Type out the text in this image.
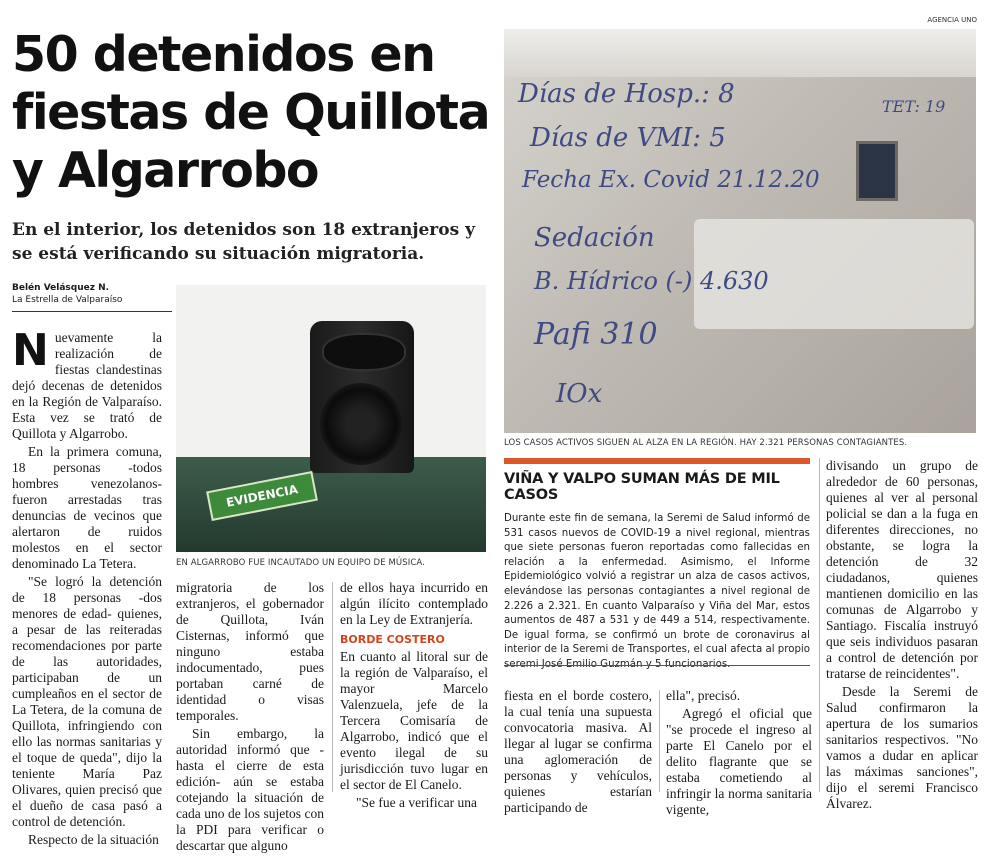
AGENCIA UNO
50 detenidos en fiestas de Quillota y Algarrobo

En el interior, los detenidos son 18 extranjeros y se está verificando su situación migratoria.

Belén Velásquez N.
La Estrella de Valparaíso

Nuevamente la realización de fiestas clandestinas dejó decenas de detenidos en la Región de Valparaíso. Esta vez se trató de Quillota y Algarrobo.

En la primera comuna, 18 personas -todos hombres venezolanos- fueron arrestadas tras denuncias de vecinos que alertaron de ruidos molestos en el sector denominado La Tetera.

"Se logró la detención de 18 personas -dos menores de edad- quienes, a pesar de las reiteradas recomendaciones por parte de las autoridades, participaban de un cumpleaños en el sector de La Tetera, de la comuna de Quillota, infringiendo con ello las normas sanitarias y el toque de queda", dijo la teniente María Paz Olivares, quien precisó que el dueño de casa pasó a control de detención.

Respecto de la situación

EVIDENCIA
EN ALGARROBO FUE INCAUTADO UN EQUIPO DE MÚSICA.

migratoria de los extranjeros, el gobernador de Quillota, Iván Cisternas, informó que ninguno estaba indocumentado, pues portaban carné de identidad o visas temporales.

Sin embargo, la autoridad informó que -hasta el cierre de esta edición- aún se estaba cotejando la situación de cada uno de los sujetos con la PDI para verificar o descartar que alguno

de ellos haya incurrido en algún ilícito contemplado en la Ley de Extranjería.

BORDE COSTERO

En cuanto al litoral sur de la región de Valparaíso, el mayor Marcelo Valenzuela, jefe de la Tercera Comisaría de Algarrobo, indicó que el evento ilegal de su jurisdicción tuvo lugar en el sector de El Canelo.

"Se fue a verificar una

Días de Hosp.: 8
Días de VMI: 5
Fecha Ex. Covid 21.12.20
Sedación
B. Hídrico (-) 4.630
Pafi 310
IOx
TET: 19
LOS CASOS ACTIVOS SIGUEN AL ALZA EN LA REGIÓN. HAY 2.321 PERSONAS CONTAGIANTES.
VIÑA Y VALPO SUMAN MÁS DE MIL CASOS
Durante este fin de semana, la Seremi de Salud informó de 531 casos nuevos de COVID-19 a nivel regional, mientras que siete personas fueron reportadas como fallecidas en relación a la enfermedad. Asimismo, el Informe Epidemiológico volvió a registrar un alza de casos activos, elevándose las personas contagiantes a nivel regional de 2.226 a 2.321. En cuanto Valparaíso y Viña del Mar, estos aumentos de 487 a 531 y de 449 a 514, respectivamente. De igual forma, se confirmó un brote de coronavirus al interior de la Seremi de Transportes, el cual afecta al propio

fiesta en el borde costero, la cual tenía una supuesta convocatoria masiva. Al llegar al lugar se confirma una aglomeración de personas y vehículos, quienes estarían participando de

ella", precisó.

Agregó el oficial que "se procede el ingreso al parte El Canelo por el delito flagrante que se estaba cometiendo al infringir la norma sanitaria vigente,

divisando un grupo de alrededor de 60 personas, quienes al ver al personal policial se dan a la fuga en diferentes direcciones, no obstante, se logra la detención de 32 ciudadanos, quienes mantienen domicilio en las comunas de Algarrobo y Santiago. Fiscalía instruyó que seis individuos pasaran a control de detención por tratarse de reincidentes".

Desde la Seremi de Salud confirmaron la apertura de los sumarios sanitarios respectivos. "No vamos a dudar en aplicar las máximas sanciones", dijo el seremi Francisco Álvarez.
